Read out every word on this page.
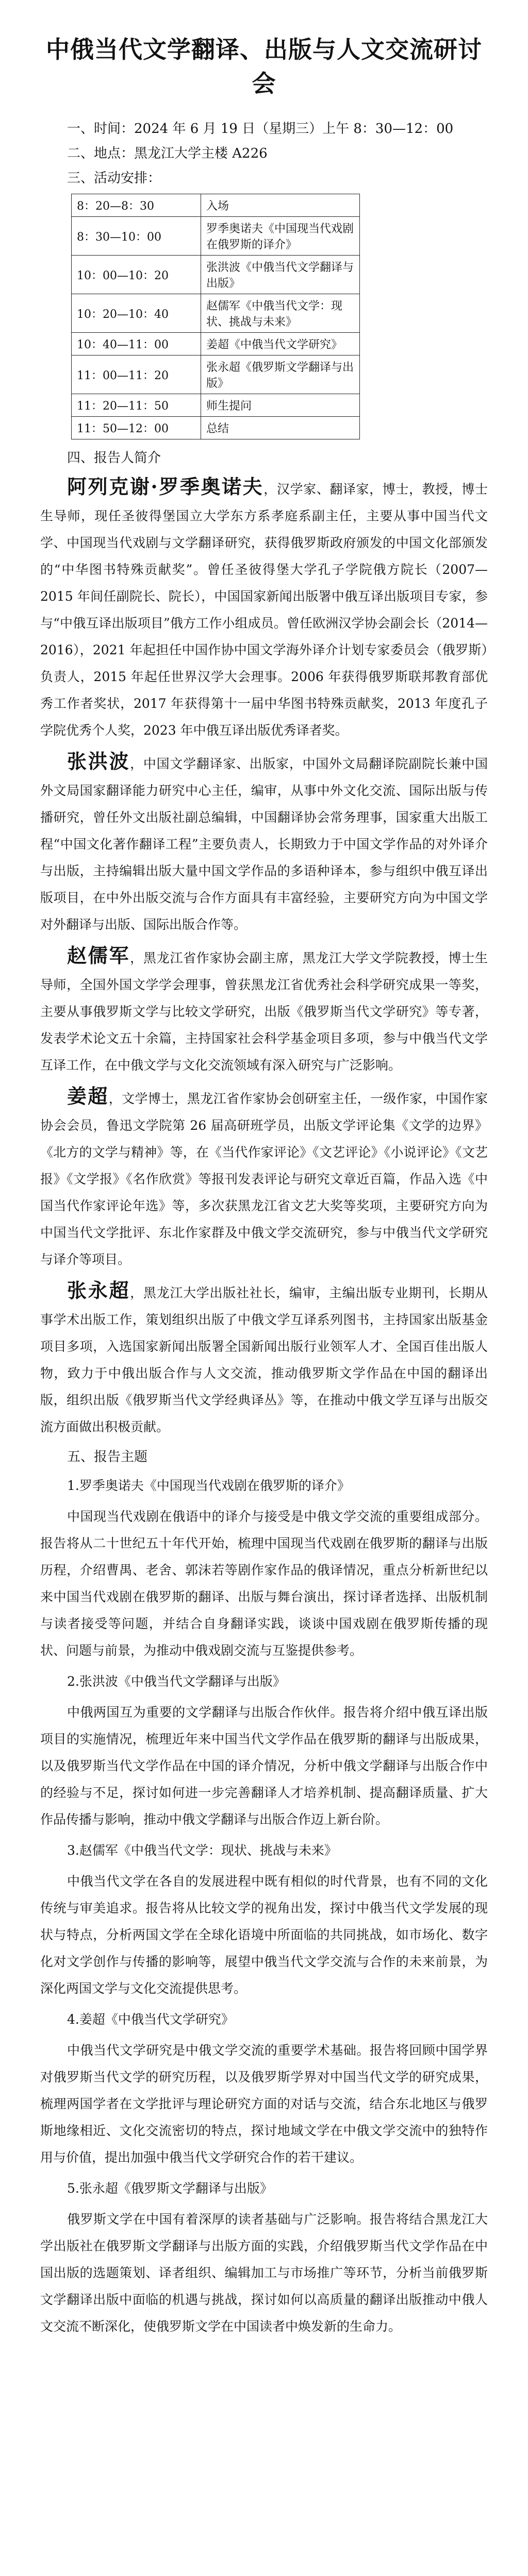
中俄当代文学翻译、出版与人文交流研讨会

一、时间：2024 年 6 月 19 日（星期三）上午 8：30—12：00

二、地点：黑龙江大学主楼 A226

三、活动安排：

8：20—8：30	入场
8：30—10：00	罗季奥诺夫《中国现当代戏剧在俄罗斯的译介》
10：00—10：20	张洪波《中俄当代文学翻译与出版》
10：20—10：40	赵儒军《中俄当代文学：现状、挑战与未来》
10：40—11：00	姜超《中俄当代文学研究》
11：00—11：20	张永超《俄罗斯文学翻译与出版》
11：20—11：50	师生提问
11：50—12：00	总结

四、报告人简介

阿列克谢·罗季奥诺夫，汉学家、翻译家，博士，教授，博士生导师，现任圣彼得堡国立大学东方系孝庭系副主任，主要从事中国当代文学、中国现当代戏剧与文学翻译研究，获得俄罗斯政府颁发的中国文化部颁发的“中华图书特殊贡献奖”。曾任圣彼得堡大学孔子学院俄方院长（2007—2015 年间任副院长、院长），中国国家新闻出版署中俄互译出版项目专家，参与“中俄互译出版项目”俄方工作小组成员。曾任欧洲汉学协会副会长（2014—2016），2021 年起担任中国作协中国文学海外译介计划专家委员会（俄罗斯）负责人，2015 年起任世界汉学大会理事。2006 年获得俄罗斯联邦教育部优秀工作者奖状，2017 年获得第十一届中华图书特殊贡献奖，2013 年度孔子学院优秀个人奖，2023 年中俄互译出版优秀译者奖。

张洪波，中国文学翻译家、出版家，中国外文局翻译院副院长兼中国外文局国家翻译能力研究中心主任，编审，从事中外文化交流、国际出版与传播研究，曾任外文出版社副总编辑，中国翻译协会常务理事，国家重大出版工程“中国文化著作翻译工程”主要负责人，长期致力于中国文学作品的对外译介与出版，主持编辑出版大量中国文学作品的多语种译本，参与组织中俄互译出版项目，在中外出版交流与合作方面具有丰富经验，主要研究方向为中国文学对外翻译与出版、国际出版合作等。

赵儒军，黑龙江省作家协会副主席，黑龙江大学文学院教授，博士生导师，全国外国文学学会理事，曾获黑龙江省优秀社会科学研究成果一等奖，主要从事俄罗斯文学与比较文学研究，出版《俄罗斯当代文学研究》等专著，发表学术论文五十余篇，主持国家社会科学基金项目多项，参与中俄当代文学互译工作，在中俄文学与文化交流领域有深入研究与广泛影响。

姜超，文学博士，黑龙江省作家协会创研室主任，一级作家，中国作家协会会员，鲁迅文学院第 26 届高研班学员，出版文学评论集《文学的边界》《北方的文学与精神》等，在《当代作家评论》《文艺评论》《小说评论》《文艺报》《文学报》《名作欣赏》等报刊发表评论与研究文章近百篇，作品入选《中国当代作家评论年选》等，多次获黑龙江省文艺大奖等奖项，主要研究方向为中国当代文学批评、东北作家群及中俄文学交流研究，参与中俄当代文学研究与译介等项目。

张永超，黑龙江大学出版社社长，编审，主编出版专业期刊，长期从事学术出版工作，策划组织出版了中俄文学互译系列图书，主持国家出版基金项目多项，入选国家新闻出版署全国新闻出版行业领军人才、全国百佳出版人物，致力于中俄出版合作与人文交流，推动俄罗斯文学作品在中国的翻译出版，组织出版《俄罗斯当代文学经典译丛》等，在推动中俄文学互译与出版交流方面做出积极贡献。

五、报告主题

1.罗季奥诺夫《中国现当代戏剧在俄罗斯的译介》

中国现当代戏剧在俄语中的译介与接受是中俄文学交流的重要组成部分。报告将从二十世纪五十年代开始，梳理中国现当代戏剧在俄罗斯的翻译与出版历程，介绍曹禺、老舍、郭沫若等剧作家作品的俄译情况，重点分析新世纪以来中国当代戏剧在俄罗斯的翻译、出版与舞台演出，探讨译者选择、出版机制与读者接受等问题，并结合自身翻译实践，谈谈中国戏剧在俄罗斯传播的现状、问题与前景，为推动中俄戏剧交流与互鉴提供参考。

2.张洪波《中俄当代文学翻译与出版》

中俄两国互为重要的文学翻译与出版合作伙伴。报告将介绍中俄互译出版项目的实施情况，梳理近年来中国当代文学作品在俄罗斯的翻译与出版成果，以及俄罗斯当代文学作品在中国的译介情况，分析中俄文学翻译与出版合作中的经验与不足，探讨如何进一步完善翻译人才培养机制、提高翻译质量、扩大作品传播与影响，推动中俄文学翻译与出版合作迈上新台阶。

3.赵儒军《中俄当代文学：现状、挑战与未来》

中俄当代文学在各自的发展进程中既有相似的时代背景，也有不同的文化传统与审美追求。报告将从比较文学的视角出发，探讨中俄当代文学发展的现状与特点，分析两国文学在全球化语境中所面临的共同挑战，如市场化、数字化对文学创作与传播的影响等，展望中俄当代文学交流与合作的未来前景，为深化两国文学与文化交流提供思考。

4.姜超《中俄当代文学研究》

中俄当代文学研究是中俄文学交流的重要学术基础。报告将回顾中国学界对俄罗斯当代文学的研究历程，以及俄罗斯学界对中国当代文学的研究成果，梳理两国学者在文学批评与理论研究方面的对话与交流，结合东北地区与俄罗斯地缘相近、文化交流密切的特点，探讨地域文学在中俄文学交流中的独特作用与价值，提出加强中俄当代文学研究合作的若干建议。

5.张永超《俄罗斯文学翻译与出版》

俄罗斯文学在中国有着深厚的读者基础与广泛影响。报告将结合黑龙江大学出版社在俄罗斯文学翻译与出版方面的实践，介绍俄罗斯当代文学作品在中国出版的选题策划、译者组织、编辑加工与市场推广等环节，分析当前俄罗斯文学翻译出版中面临的机遇与挑战，探讨如何以高质量的翻译出版推动中俄人文交流不断深化，使俄罗斯文学在中国读者中焕发新的生命力。
